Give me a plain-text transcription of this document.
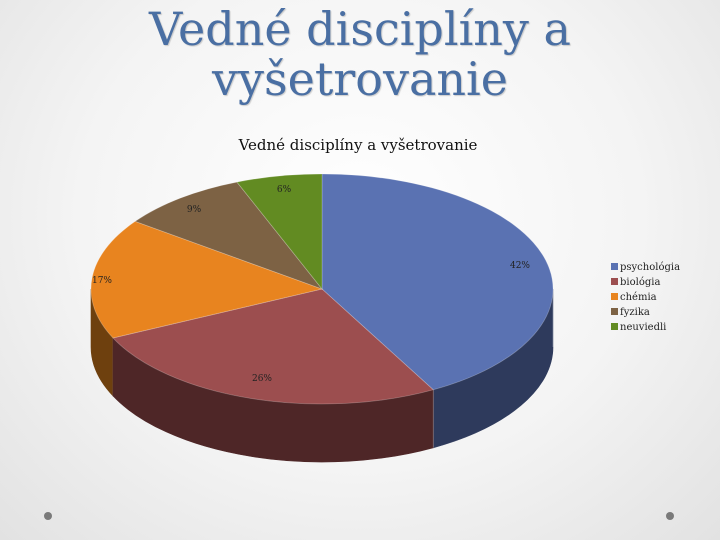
Vedné disciplíny a
vyšetrovanie
Vedné disciplíny a vyšetrovanie
42%
26%
17%
9%
6%
psychológia
biológia
chémia
fyzika
neuviedli
